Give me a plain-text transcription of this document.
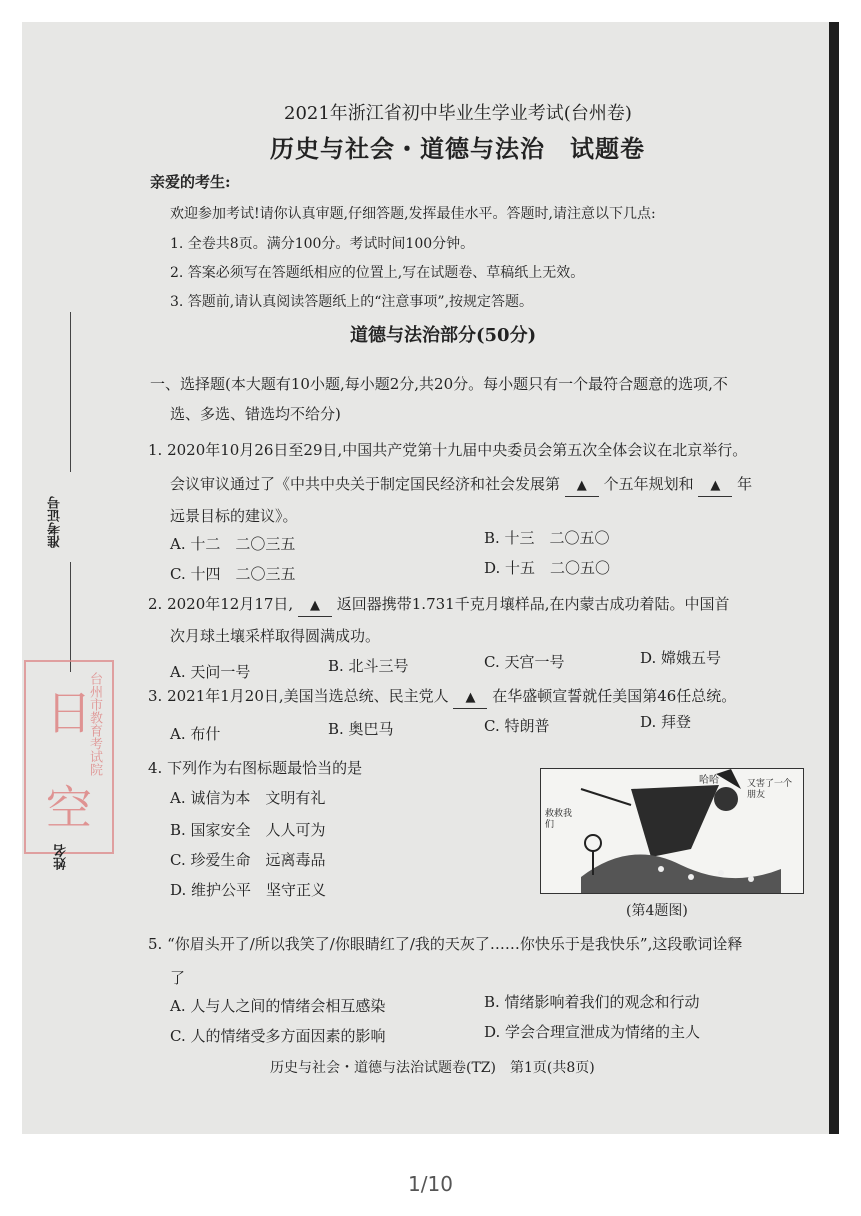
2021年浙江省初中毕业生学业考试(台州卷)
历史与社会・道德与法治　试题卷
亲爱的考生:
欢迎参加考试!请你认真审题,仔细答题,发挥最佳水平。答题时,请注意以下几点:
1. 全卷共8页。满分100分。考试时间100分钟。
2. 答案必须写在答题纸相应的位置上,写在试题卷、草稿纸上无效。
3. 答题前,请认真阅读答题纸上的“注意事项”,按规定答题。
道德与法治部分(50分)
一、选择题(本大题有10小题,每小题2分,共20分。每小题只有一个最符合题意的选项,不
选、多选、错选均不给分)
1. 2020年10月26日至29日,中国共产党第十九届中央委员会第五次全体会议在北京举行。
会议审议通过了《中共中央关于制定国民经济和社会发展第 ▲ 个五年规划和 ▲ 年
远景目标的建议》。
A. 十二　二〇三五	B. 十三　二〇五〇
C. 十四　二〇三五	D. 十五　二〇五〇
2. 2020年12月17日, ▲ 返回器携带1.731千克月壤样品,在内蒙古成功着陆。中国首
次月球土壤采样取得圆满成功。
A. 天问一号	B. 北斗三号	C. 天宫一号	D. 嫦娥五号
3. 2021年1月20日,美国当选总统、民主党人 ▲ 在华盛顿宣誓就任美国第46任总统。
A. 布什	B. 奥巴马	C. 特朗普	D. 拜登
4. 下列作为右图标题最恰当的是
A. 诚信为本　文明有礼
B. 国家安全　人人可为
C. 珍爱生命　远离毒品
D. 维护公平　坚守正义
哈哈	又害了一个朋友
救救我们
(第4题图)
5. “你眉头开了/所以我笑了/你眼睛红了/我的天灰了……你快乐于是我快乐”,这段歌词诠释
了
A. 人与人之间的情绪会相互感染	B. 情绪影响着我们的观念和行动
C. 人的情绪受多方面因素的影响	D. 学会合理宣泄成为情绪的主人
历史与社会・道德与法治试题卷(TZ)　第1页(共8页)
准考证号
日
空
台州市教育考试院
姓名
1/10
